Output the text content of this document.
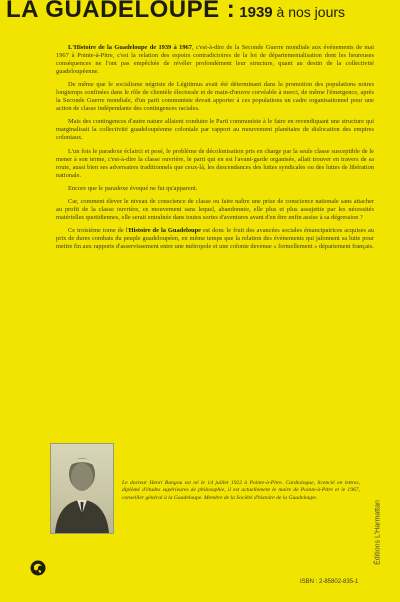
LA GUADELOUPE : 1939 à nos jours

L'Histoire de la Guadeloupe de 1939 à 1967, c'est-à-dire de la Seconde Guerre mondiale aux événements de mai 1967 à Pointe-à-Pitre, c'est la relation des espoirs contradictoires de la loi de départementalisation dont les heureuses conséquences ne l'ont pas empêchée de révéler profondément leur structure, quant au destin de la collectivité guadeloupéenne.

De même que le socialisme négriste de Légitimus avait été déterminant dans la promotion des populations noires longtemps confinées dans le rôle de clientèle électorale et de main-d'œuvre corvéable à merci, de même l'émergence, après la Seconde Guerre mondiale, d'un parti communiste devait apporter à ces populations un cadre organisationnel pour une action de classe indépendante des contingences raciales.

Mais des contingences d'autre nature allaient conduire le Parti communiste à le faire en revendiquant une structure qui marginalisait la collectivité guadeloupéenne coloniale par rapport au mouvement planétaire de dislocation des empires coloniaux.

L'un fois le paradoxe éclairci et posé, le problème de décolonisation pris en charge par la seule classe susceptible de le mener à son terme, c'est-à-dire la classe ouvrière, le parti qui en est l'avant-garde organisée, allait trouver en travers de sa route, aussi bien ses adversaires traditionnels que ceux-là, les descendances des luttes syndicales ou des luttes de libération nationale.

Encore que le paradoxe évoqué ne fut qu'apparent.

Car, comment élever le niveau de conscience de classe ou faire naître une prise de conscience nationale sans attacher au profit de la classe ouvrière, ce mouvement sans lequel, abandonnée, elle plus et plus assujettie par les nécessités matérielles quotidiennes, elle serait entraînée dans toutes sortes d'aventures avant d'en être enfin assise à sa dégression ?

Ce troisième tome de l'Histoire de la Guadeloupe est donc le fruit des avancées sociales émancipatrices acquises au prix de dures combats du peuple guadeloupéen, en même temps que la relation des événements qui jalonnent sa lutte pour mettre fin aux rapports d'asservissement entre une métropole et une colonie devenue « formellement » département français.

Le docteur Henri Bangou est né le 14 juillet 1922 à Pointe-à-Pitre. Cardiologue, licencié en lettres, diplômé d'études supérieures de philosophie, il est actuellement le maire de Pointe-à-Pitre et le 1967, conseiller général à la Guadeloupe. Membre de la Société d'histoire de la Guadeloupe.
Éditions L'Harmattan
ISBN : 2-85802-835-1
